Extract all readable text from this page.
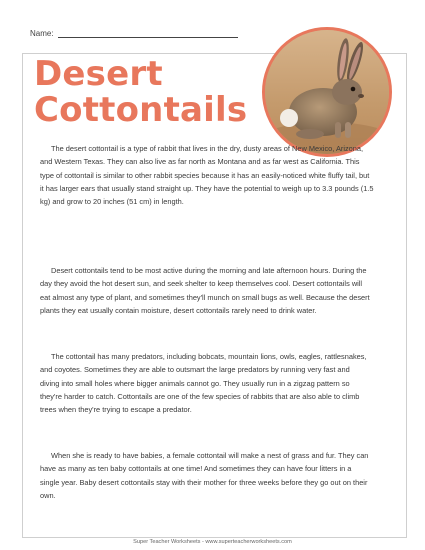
Name:
Desert
Cottontails

The desert cottontail is a type of rabbit that lives in the dry, dusty areas of New Mexico, Arizona, and Western Texas. They can also live as far north as Montana and as far west as California. This type of cottontail is similar to other rabbit species because it has an easily-noticed white fluffy tail, but it has larger ears that usually stand straight up. They have the potential to weigh up to 3.3 pounds (1.5 kg) and grow to 20 inches (51 cm) in length.

Desert cottontails tend to be most active during the morning and late afternoon hours. During the day they avoid the hot desert sun, and seek shelter to keep themselves cool. Desert cottontails will eat almost any type of plant, and sometimes they'll munch on small bugs as well. Because the desert plants they eat usually contain moisture, desert cottontails rarely need to drink water.

The cottontail has many predators, including bobcats, mountain lions, owls, eagles, rattlesnakes, and coyotes. Sometimes they are able to outsmart the large predators by running very fast and diving into small holes where bigger animals cannot go. They usually run in a zigzag pattern so they're harder to catch. Cottontails are one of the few species of rabbits that are also able to climb trees when they're trying to escape a predator.

When she is ready to have babies, a female cottontail will make a nest of grass and fur. They can have as many as ten baby cottontails at one time! And sometimes they can have four litters in a single year. Baby desert cottontails stay with their mother for three weeks before they go out on their own.

Super Teacher Worksheets - www.superteacherworksheets.com
